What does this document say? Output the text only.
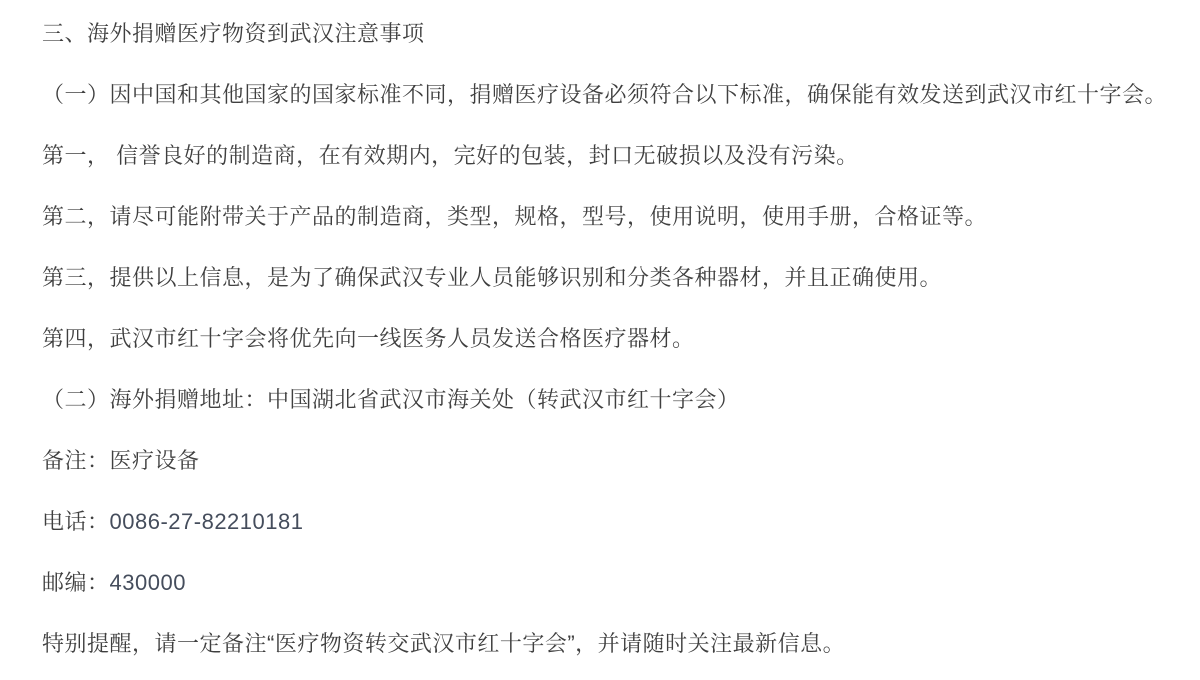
三、海外捐赠医疗物资到武汉注意事项

（一）因中国和其他国家的国家标准不同，捐赠医疗设备必须符合以下标准，确保能有效发送到武汉市红十字会。

第一， 信誉良好的制造商，在有效期内，完好的包装，封口无破损以及没有污染。

第二，请尽可能附带关于产品的制造商，类型，规格，型号，使用说明，使用手册，合格证等。

第三，提供以上信息，是为了确保武汉专业人员能够识别和分类各种器材，并且正确使用。

第四，武汉市红十字会将优先向一线医务人员发送合格医疗器材。

（二）海外捐赠地址：中国湖北省武汉市海关处（转武汉市红十字会）

备注：医疗设备

电话：0086-27-82210181

邮编：430000

特别提醒，请一定备注“医疗物资转交武汉市红十字会”，并请随时关注最新信息。
